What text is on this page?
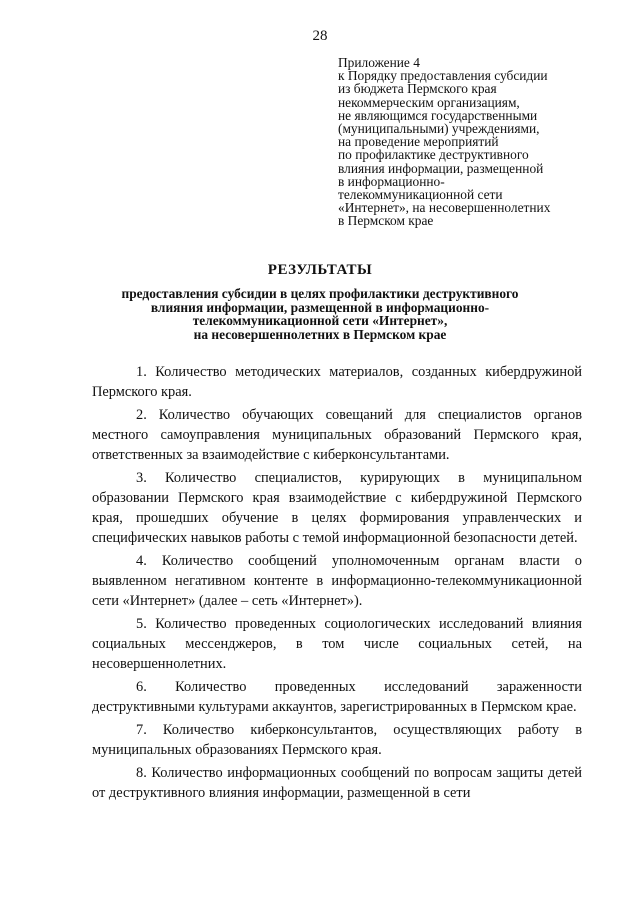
28
Приложение 4
к Порядку предоставления субсидии
из бюджета Пермского края
некоммерческим организациям,
не являющимся государственными
(муниципальными) учреждениями,
на проведение мероприятий
по профилактике деструктивного
влияния информации, размещенной
в информационно-
телекоммуникационной сети
«Интернет», на несовершеннолетних
в Пермском крае
РЕЗУЛЬТАТЫ
предоставления субсидии в целях профилактики деструктивного
влияния информации, размещенной в информационно-
телекоммуникационной сети «Интернет»,
на несовершеннолетних в Пермском крае

1. Количество методических материалов, созданных кибердружиной Пермского края.

2. Количество обучающих совещаний для специалистов органов местного самоуправления муниципальных образований Пермского края, ответственных за взаимодействие с киберконсультантами.

3. Количество специалистов, курирующих в муниципальном образовании Пермского края взаимодействие с кибердружиной Пермского края, прошедших обучение в целях формирования управленческих и специфических навыков работы с темой информационной безопасности детей.

4. Количество сообщений уполномоченным органам власти о выявленном негативном контенте в информационно-телекоммуникационной сети «Интернет» (далее – сеть «Интернет»).

5. Количество проведенных социологических исследований влияния социальных мессенджеров, в том числе социальных сетей, на несовершеннолетних.

6. Количество проведенных исследований зараженности деструктивными культурами аккаунтов, зарегистрированных в Пермском крае.

7. Количество киберконсультантов, осуществляющих работу в муниципальных образованиях Пермского края.

8. Количество информационных сообщений по вопросам защиты детей от деструктивного влияния информации, размещенной в сети
